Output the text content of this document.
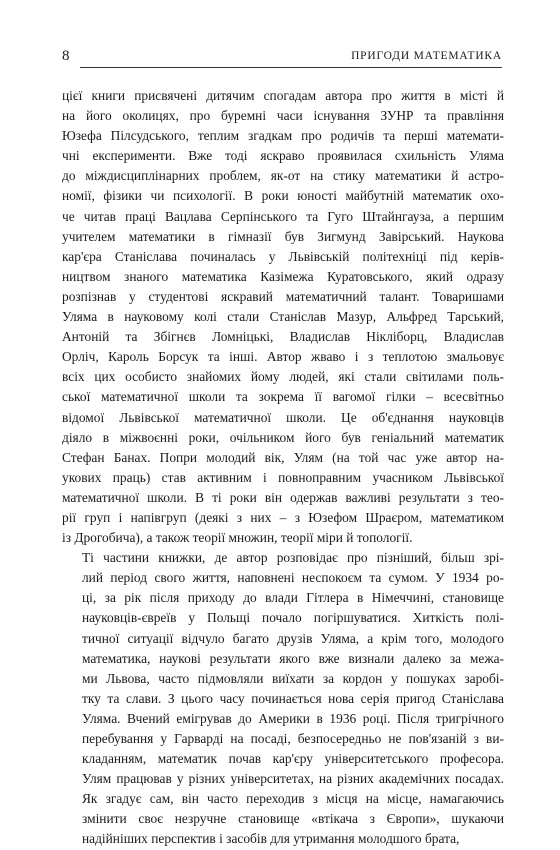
8	ПРИГОДИ МАТЕМАТИКА
цієї книги присвячені дитячим спогадам автора про життя в місті й
на його околицях, про буремні часи існування ЗУНР та правління
Юзефа Пілсудського, теплим згадкам про родичів та перші математи-
чні експерименти. Вже тоді яскраво проявилася схильність Уляма
до міждисциплінарних проблем, як-от на стику математики й астро-
номії, фізики чи психології. В роки юності майбутній математик охо-
че читав праці Вацлава Серпінського та Гуго Штайнгауза, а першим
учителем математики в гімназії був Зигмунд Завірський. Наукова
кар'єра Станіслава починалась у Львівській політехніці під керів-
ництвом знаного математика Казімежа Куратовського, який одразу
розпізнав у студентові яскравий математичний талант. Товаришами
Уляма в науковому колі стали Станіслав Мазур, Альфред Тарський,
Антоній та Збігнєв Ломніцькі, Владислав Нікліборц, Владислав
Орліч, Кароль Борсук та інші. Автор жваво і з теплотою змальовує
всіх цих особисто знайомих йому людей, які стали світилами поль-
ської математичної школи та зокрема її вагомої гілки – всесвітньо
відомої Львівської математичної школи. Це об'єднання науковців
діяло в міжвоєнні роки, очільником його був геніальний математик
Стефан Банах. Попри молодий вік, Улям (на той час уже автор на-
укових праць) став активним і повноправним учасником Львівської
математичної школи. В ті роки він одержав важливі результати з тео-
рії груп і напівгруп (деякі з них – з Юзефом Шраєром, математиком
із Дрогобича), а також теорії множин, теорії міри й топології.
Ті частини книжки, де автор розповідає про пізніший, більш зрі-
лий період свого життя, наповнені неспокоєм та сумом. У 1934 ро-
ці, за рік після приходу до влади Гітлера в Німеччині, становище
науковців-євреїв у Польщі почало погіршуватися. Хиткість полі-
тичної ситуації відчуло багато друзів Уляма, а крім того, молодого
математика, наукові результати якого вже визнали далеко за межа-
ми Львова, часто підмовляли виїхати за кордон у пошуках заробі-
тку та слави. З цього часу починається нова серія пригод Станіслава
Уляма. Вчений емігрував до Америки в 1936 році. Після тригрічного
перебування у Гарварді на посаді, безпосередньо не пов'язаній з ви-
кладанням, математик почав кар'єру університетського професора.
Улям працював у різних університетах, на різних академічних посадах.
Як згадує сам, він часто переходив з місця на місце, намагаючись
змінити своє незручне становище «втікача з Європи», шукаючи
надійніших перспектив і засобів для утримання молодшого брата,
